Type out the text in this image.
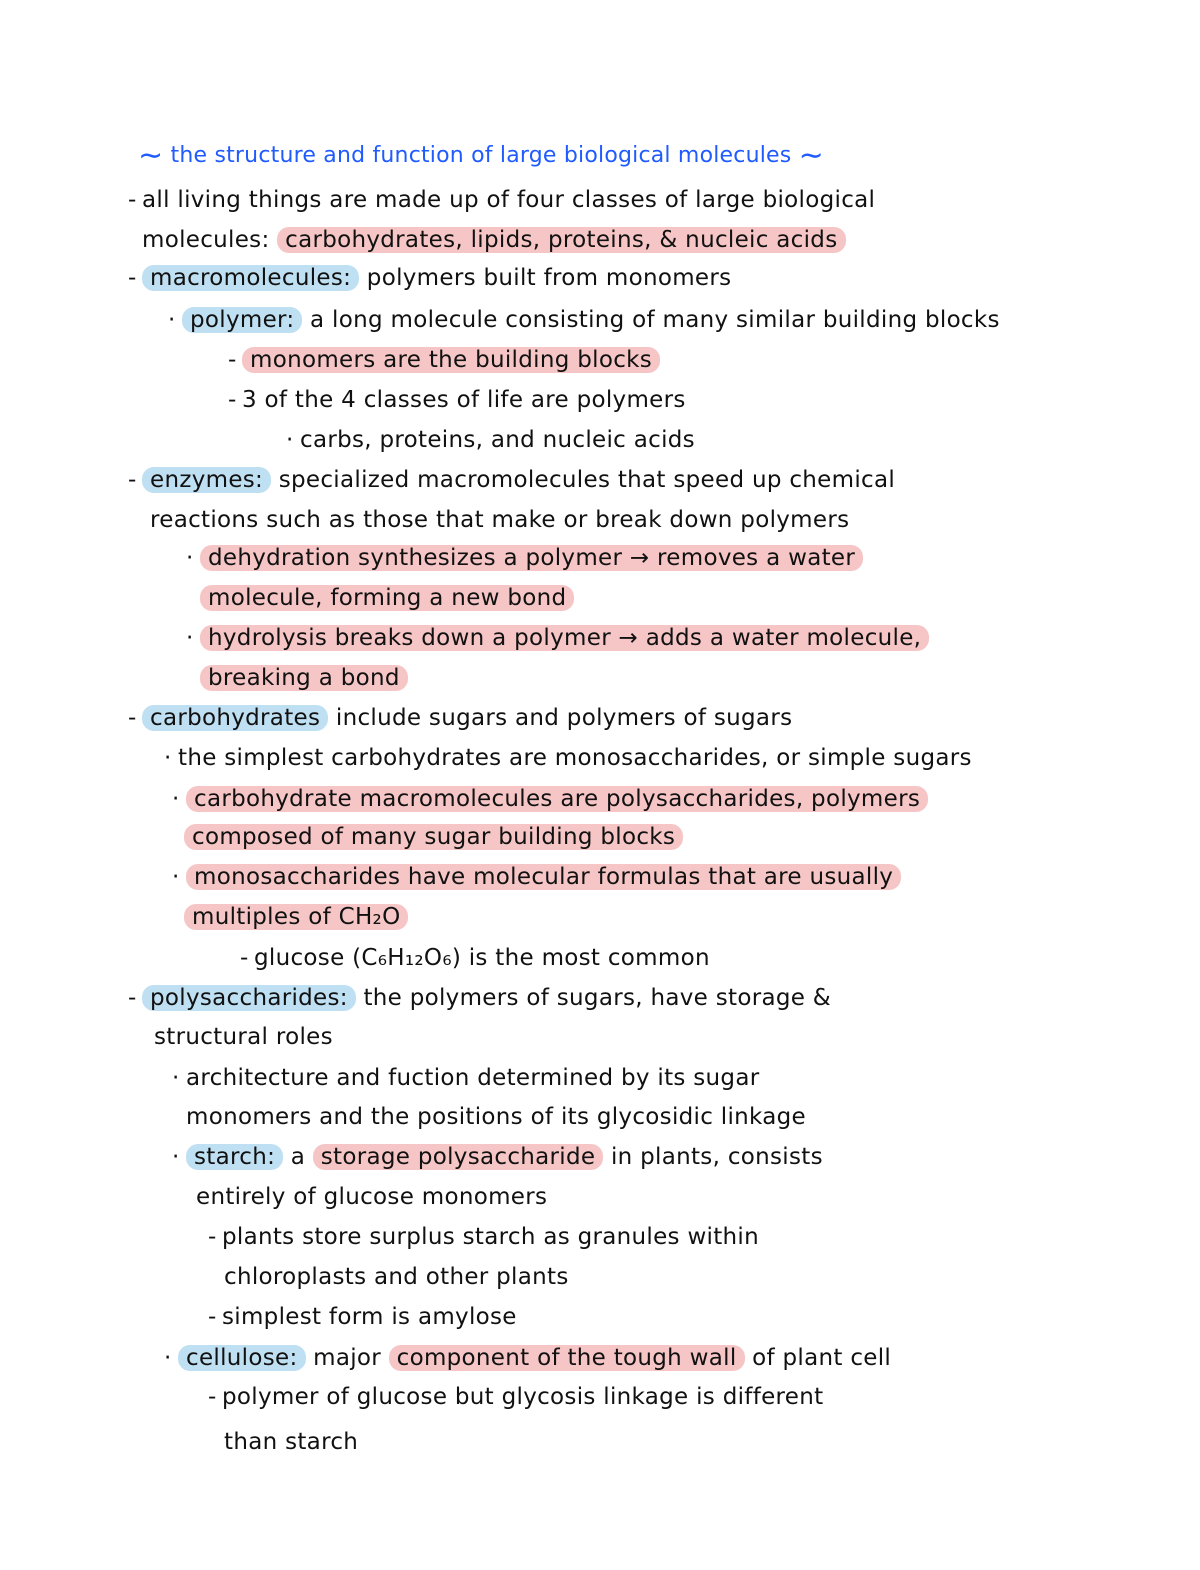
∼ the structure and function of large biological molecules ∼
- all living things are made up of four classes of large biological
molecules: carbohydrates, lipids, proteins, & nucleic acids
- macromolecules: polymers built from monomers
· polymer: a long molecule consisting of many similar building blocks
- monomers are the building blocks
- 3 of the 4 classes of life are polymers
· carbs, proteins, and nucleic acids
- enzymes: specialized macromolecules that speed up chemical
reactions such as those that make or break down polymers
· dehydration synthesizes a polymer → removes a water
molecule, forming a new bond
· hydrolysis breaks down a polymer → adds a water molecule,
breaking a bond
- carbohydrates include sugars and polymers of sugars
· the simplest carbohydrates are monosaccharides, or simple sugars
· carbohydrate macromolecules are polysaccharides, polymers
composed of many sugar building blocks
· monosaccharides have molecular formulas that are usually
multiples of CH₂O
- glucose (C₆H₁₂O₆) is the most common
- polysaccharides: the polymers of sugars, have storage &
structural roles
· architecture and fuction determined by its sugar
monomers and the positions of its glycosidic linkage
· starch: a storage polysaccharide in plants, consists
entirely of glucose monomers
- plants store surplus starch as granules within
chloroplasts and other plants
- simplest form is amylose
· cellulose: major component of the tough wall of plant cell
- polymer of glucose but glycosis linkage is different
than starch
